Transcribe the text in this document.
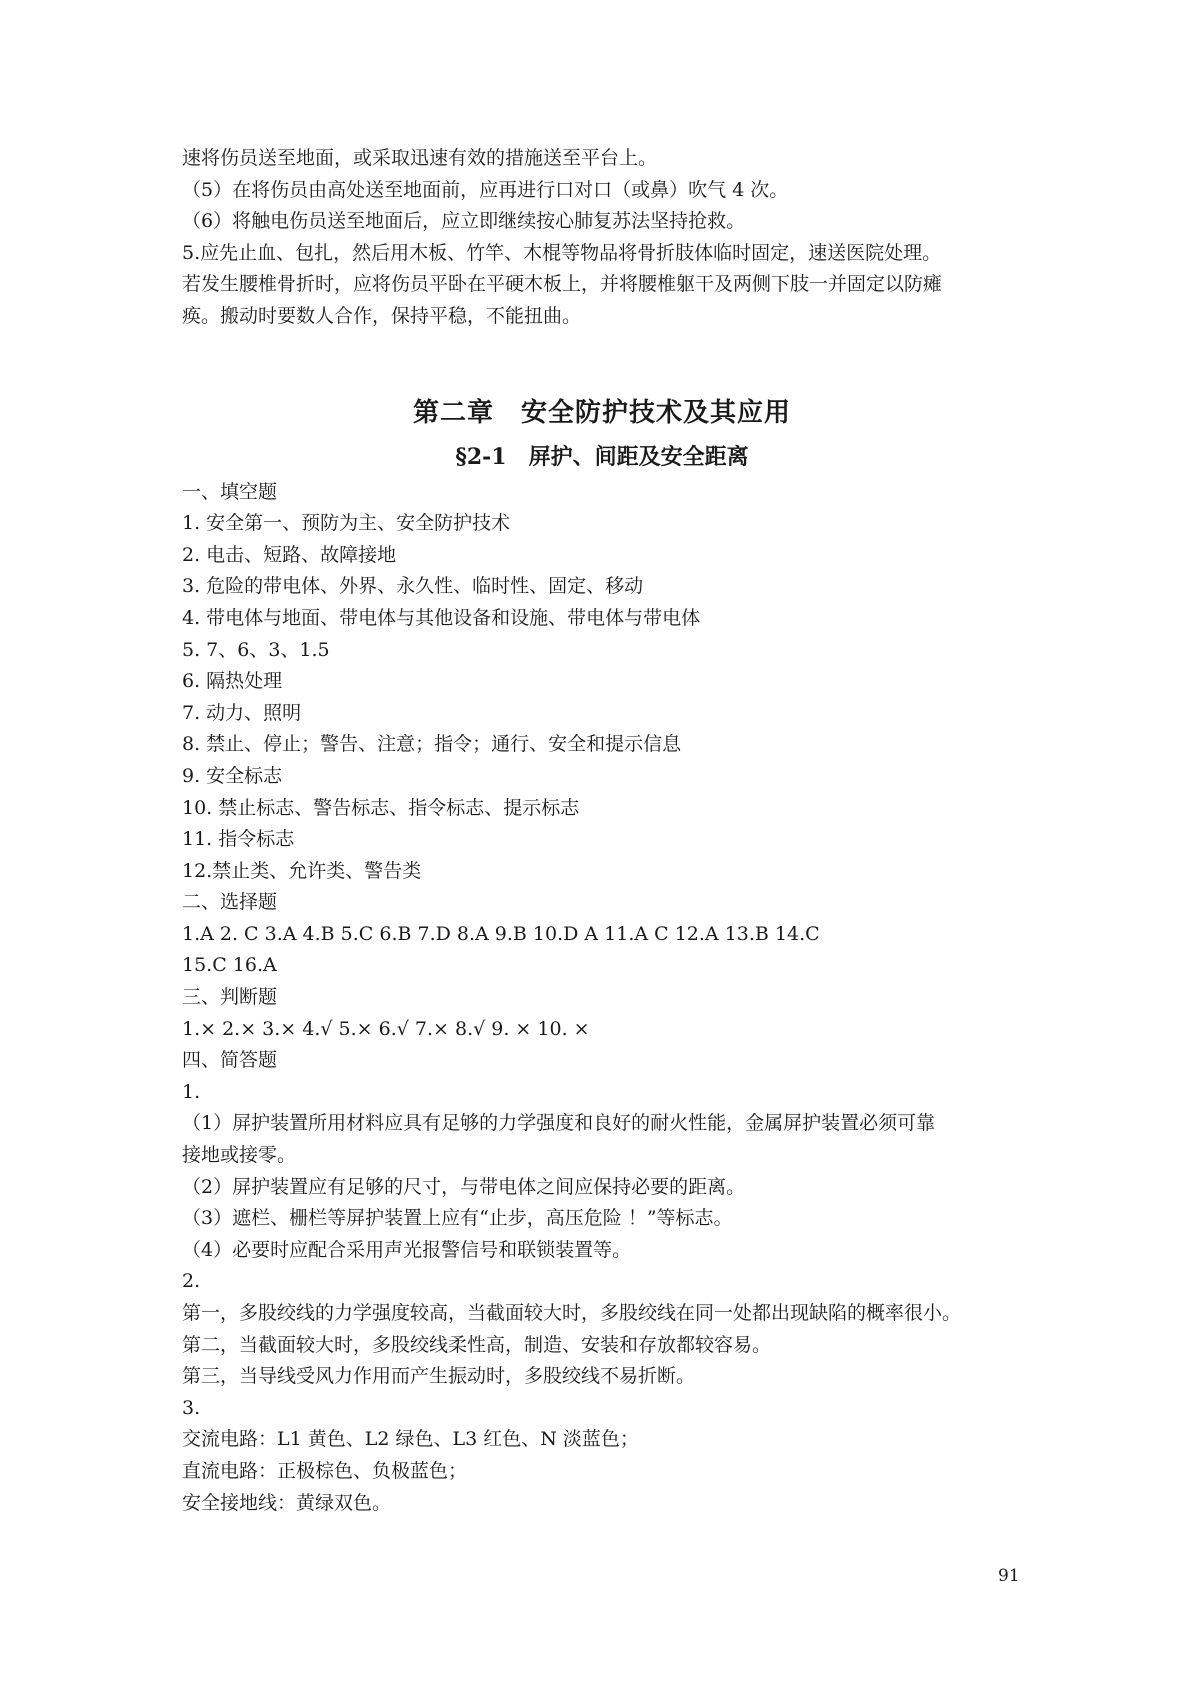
速将伤员送至地面，或采取迅速有效的措施送至平台上。

（5）在将伤员由高处送至地面前，应再进行口对口（或鼻）吹气 4 次。

（6）将触电伤员送至地面后，应立即继续按心肺复苏法坚持抢救。

5.应先止血、包扎，然后用木板、竹竿、木棍等物品将骨折肢体临时固定，速送医院处理。

若发生腰椎骨折时，应将伤员平卧在平硬木板上，并将腰椎躯干及两侧下肢一并固定以防瘫

痪。搬动时要数人合作，保持平稳，不能扭曲。

第二章　安全防护技术及其应用
§2-1　屏护、间距及安全距离

一、填空题

1. 安全第一、预防为主、安全防护技术

2. 电击、短路、故障接地

3. 危险的带电体、外界、永久性、临时性、固定、移动

4. 带电体与地面、带电体与其他设备和设施、带电体与带电体

5. 7、6、3、1.5

6. 隔热处理

7. 动力、照明

8. 禁止、停止；警告、注意；指令；通行、安全和提示信息

9. 安全标志

10. 禁止标志、警告标志、指令标志、提示标志

11. 指令标志

12.禁止类、允许类、警告类

二、选择题

1.A 2. C 3.A 4.B 5.C 6.B 7.D 8.A 9.B 10.D A 11.A C 12.A 13.B 14.C

15.C 16.A

三、判断题

1.× 2.× 3.× 4.√ 5.× 6.√ 7.× 8.√ 9. × 10. ×

四、简答题

1.

（1）屏护装置所用材料应具有足够的力学强度和良好的耐火性能，金属屏护装置必须可靠

接地或接零。

（2）屏护装置应有足够的尺寸，与带电体之间应保持必要的距离。

（3）遮栏、栅栏等屏护装置上应有“止步，高压危险 ！”等标志。

（4）必要时应配合采用声光报警信号和联锁装置等。

2.

第一，多股绞线的力学强度较高，当截面较大时，多股绞线在同一处都出现缺陷的概率很小。

第二，当截面较大时，多股绞线柔性高，制造、安装和存放都较容易。

第三，当导线受风力作用而产生振动时，多股绞线不易折断。

3.

交流电路：L1 黄色、L2 绿色、L3 红色、N 淡蓝色；

直流电路：正极棕色、负极蓝色；

安全接地线：黄绿双色。

91
